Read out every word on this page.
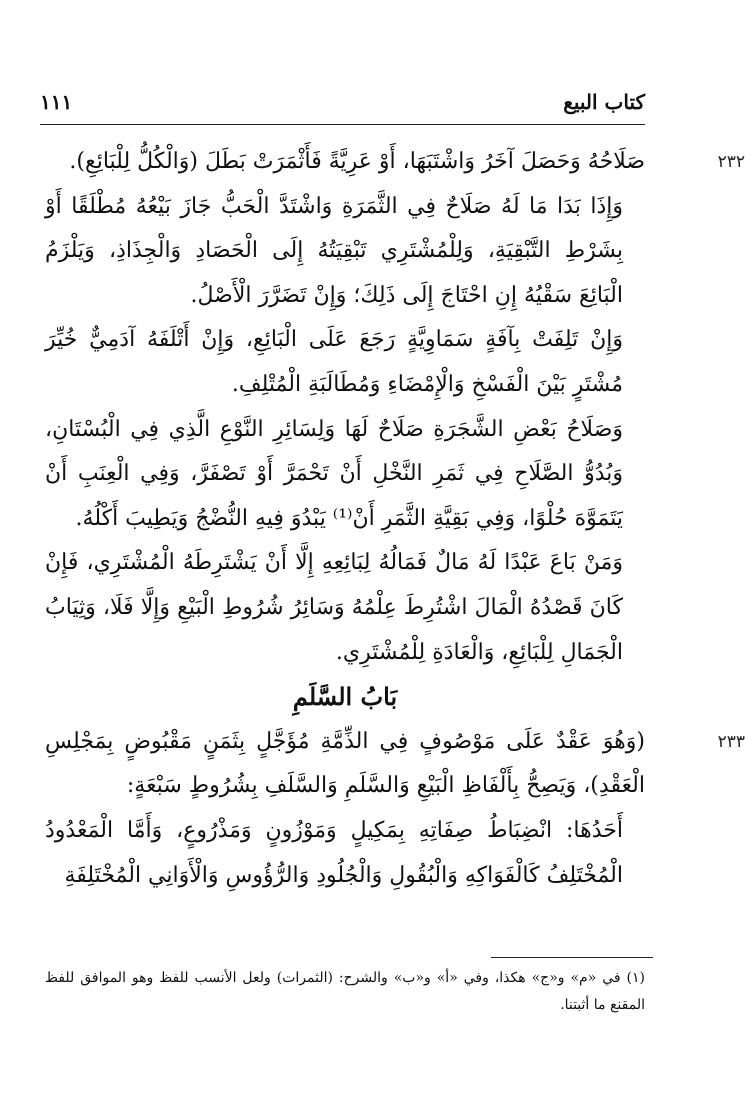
كتاب البيع
١١١

٢٣٢
صَلَاحُهُ وَحَصَلَ آخَرُ وَاشْتَبَهَا، أَوْ عَرِيَّةً فَأَثْمَرَتْ بَطَلَ (وَالْكُلُّ لِلْبَائِعِ).

وَإِذَا بَدَا مَا لَهُ صَلَاحٌ فِي الثَّمَرَةِ وَاشْتَدَّ الْحَبُّ جَازَ بَيْعُهُ مُطْلَقًا أَوْ بِشَرْطِ التَّبْقِيَةِ، وَلِلْمُشْتَرِي تَبْقِيَتُهُ إِلَى الْحَصَادِ وَالْجِذَاذِ، وَيَلْزَمُ الْبَائِعَ سَقْيُهُ إِنِ احْتَاجَ إِلَى ذَلِكَ؛ وَإِنْ تَضَرَّرَ الْأَصْلُ.

وَإِنْ تَلِفَتْ بِآفَةٍ سَمَاوِيَّةٍ رَجَعَ عَلَى الْبَائِعِ، وَإِنْ أَتْلَفَهُ آدَمِيٌّ خُيِّرَ مُشْتَرٍ بَيْنَ الْفَسْخِ وَالْإِمْضَاءِ وَمُطَالَبَةِ الْمُتْلِفِ.

وَصَلَاحُ بَعْضِ الشَّجَرَةِ صَلَاحٌ لَهَا وَلِسَائِرِ النَّوْعِ الَّذِي فِي الْبُسْتَانِ، وَبُدُوُّ الصَّلَاحِ فِي ثَمَرِ النَّخْلِ أَنْ تَحْمَرَّ أَوْ تَصْفَرَّ، وَفِي الْعِنَبِ أَنْ يَتَمَوَّهَ حُلْوًا، وَفِي بَقِيَّةِ الثَّمَرِ أَنْ⁽¹⁾ يَبْدُوَ فِيهِ النُّضْجُ وَيَطِيبَ أَكْلُهُ.

وَمَنْ بَاعَ عَبْدًا لَهُ مَالٌ فَمَالُهُ لِبَائِعِهِ إِلَّا أَنْ يَشْتَرِطَهُ الْمُشْتَرِي، فَإِنْ كَانَ قَصْدُهُ الْمَالَ اشْتُرِطَ عِلْمُهُ وَسَائِرُ شُرُوطِ الْبَيْعِ وَإِلَّا فَلَا، وَثِيَابُ الْجَمَالِ لِلْبَائِعِ، وَالْعَادَةِ لِلْمُشْتَرِي.

بَابُ السَّلَمِ

٢٣٣
(وَهُوَ عَقْدٌ عَلَى مَوْصُوفٍ فِي الذِّمَّةِ مُؤَجَّلٍ بِثَمَنٍ مَقْبُوضٍ بِمَجْلِسِ الْعَقْدِ)، وَيَصِحُّ بِأَلْفَاظِ الْبَيْعِ وَالسَّلَمِ وَالسَّلَفِ بِشُرُوطٍ سَبْعَةٍ:

أَحَدُهَا: انْضِبَاطُ صِفَاتِهِ بِمَكِيلٍ وَمَوْزُونٍ وَمَذْرُوعٍ، وَأَمَّا الْمَعْدُودُ الْمُخْتَلِفُ كَالْفَوَاكِهِ وَالْبُقُولِ وَالْجُلُودِ وَالرُّؤُوسِ وَالْأَوَانِي الْمُخْتَلِفَةِ

(١) في «م» و«ج» هكذا، وفي «أ» و«ب» والشرح: (الثمرات) ولعل الأنسب للفظ وهو الموافق للفظ المقنع ما أثبتنا.
